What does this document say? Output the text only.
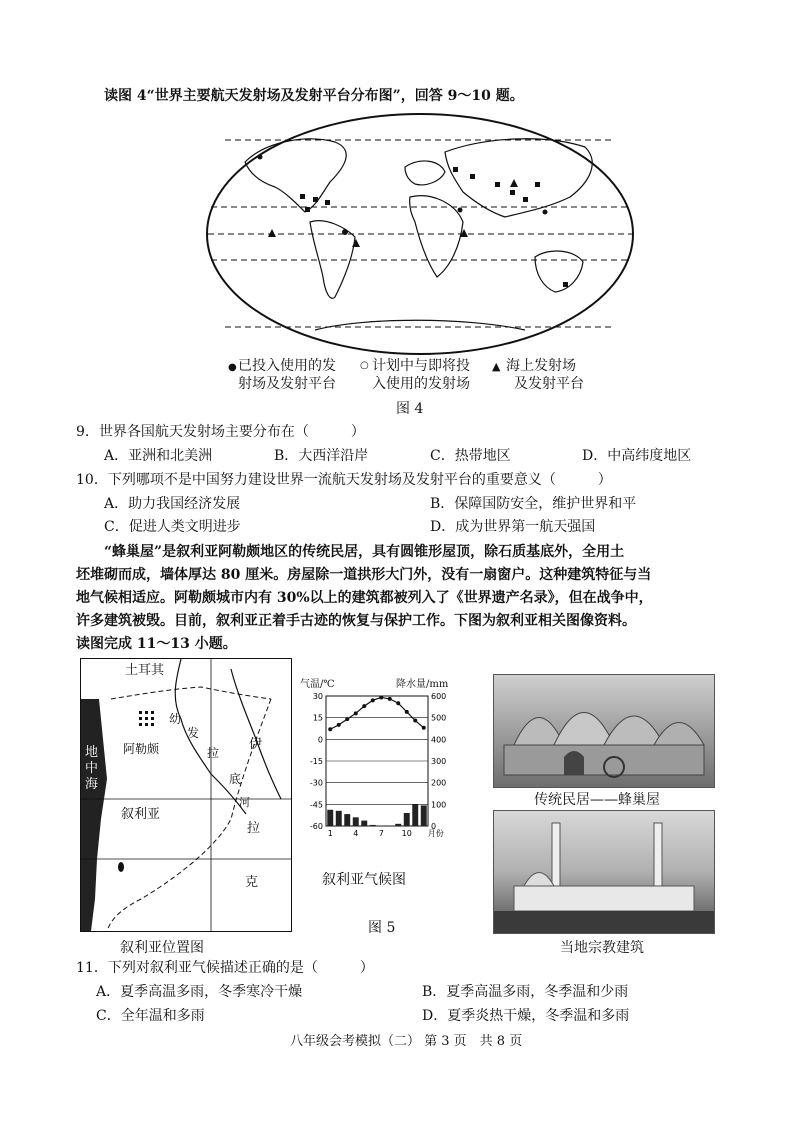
读图 4“世界主要航天发射场及发射平台分布图”，回答 9～10 题。
● 已投入使用的发
射场及发射平台
○ 计划中与即将投
入使用的发射场
▲ 海上发射场
及发射平台
图 4
9．世界各国航天发射场主要分布在（　　　）
A．亚洲和北美洲	B．大西洋沿岸	C．热带地区	D．中高纬度地区
10．下列哪项不是中国努力建设世界一流航天发射场及发射平台的重要意义（　　　）
A．助力我国经济发展	B．保障国防安全，维护世界和平
C．促进人类文明进步	D．成为世界第一航天强国
“蜂巢屋”是叙利亚阿勒颇地区的传统民居，具有圆锥形屋顶，除石质基底外，全用土
坯堆砌而成，墙体厚达 80 厘米。房屋除一道拱形大门外，没有一扇窗户。这种建筑特征与当
地气候相适应。阿勒颇城市内有 30%以上的建筑都被列入了《世界遗产名录》，但在战争中，
许多建筑被毁。目前，叙利亚正着手古迹的恢复与保护工作。下图为叙利亚相关图像资料。
读图完成 11～13 小题。
土耳其
幼
发
阿勒颇
地
中
海
伊
拉
底
河
叙利亚
拉
克
叙利亚位置图
气温/℃	降水量/mm
30
15
0
-15
-30
-45
-60
600
500
400
300
200
100
0
1	4	7 10 月份
叙利亚气候图
图 5
传统民居——蜂巢屋
当地宗教建筑
11．下列对叙利亚气候描述正确的是（　　　）
A．夏季高温多雨，冬季寒冷干燥	B．夏季高温多雨，冬季温和少雨
C．全年温和多雨	D．夏季炎热干燥，冬季温和多雨
八年级会考模拟（二） 第 3 页　共 8 页
